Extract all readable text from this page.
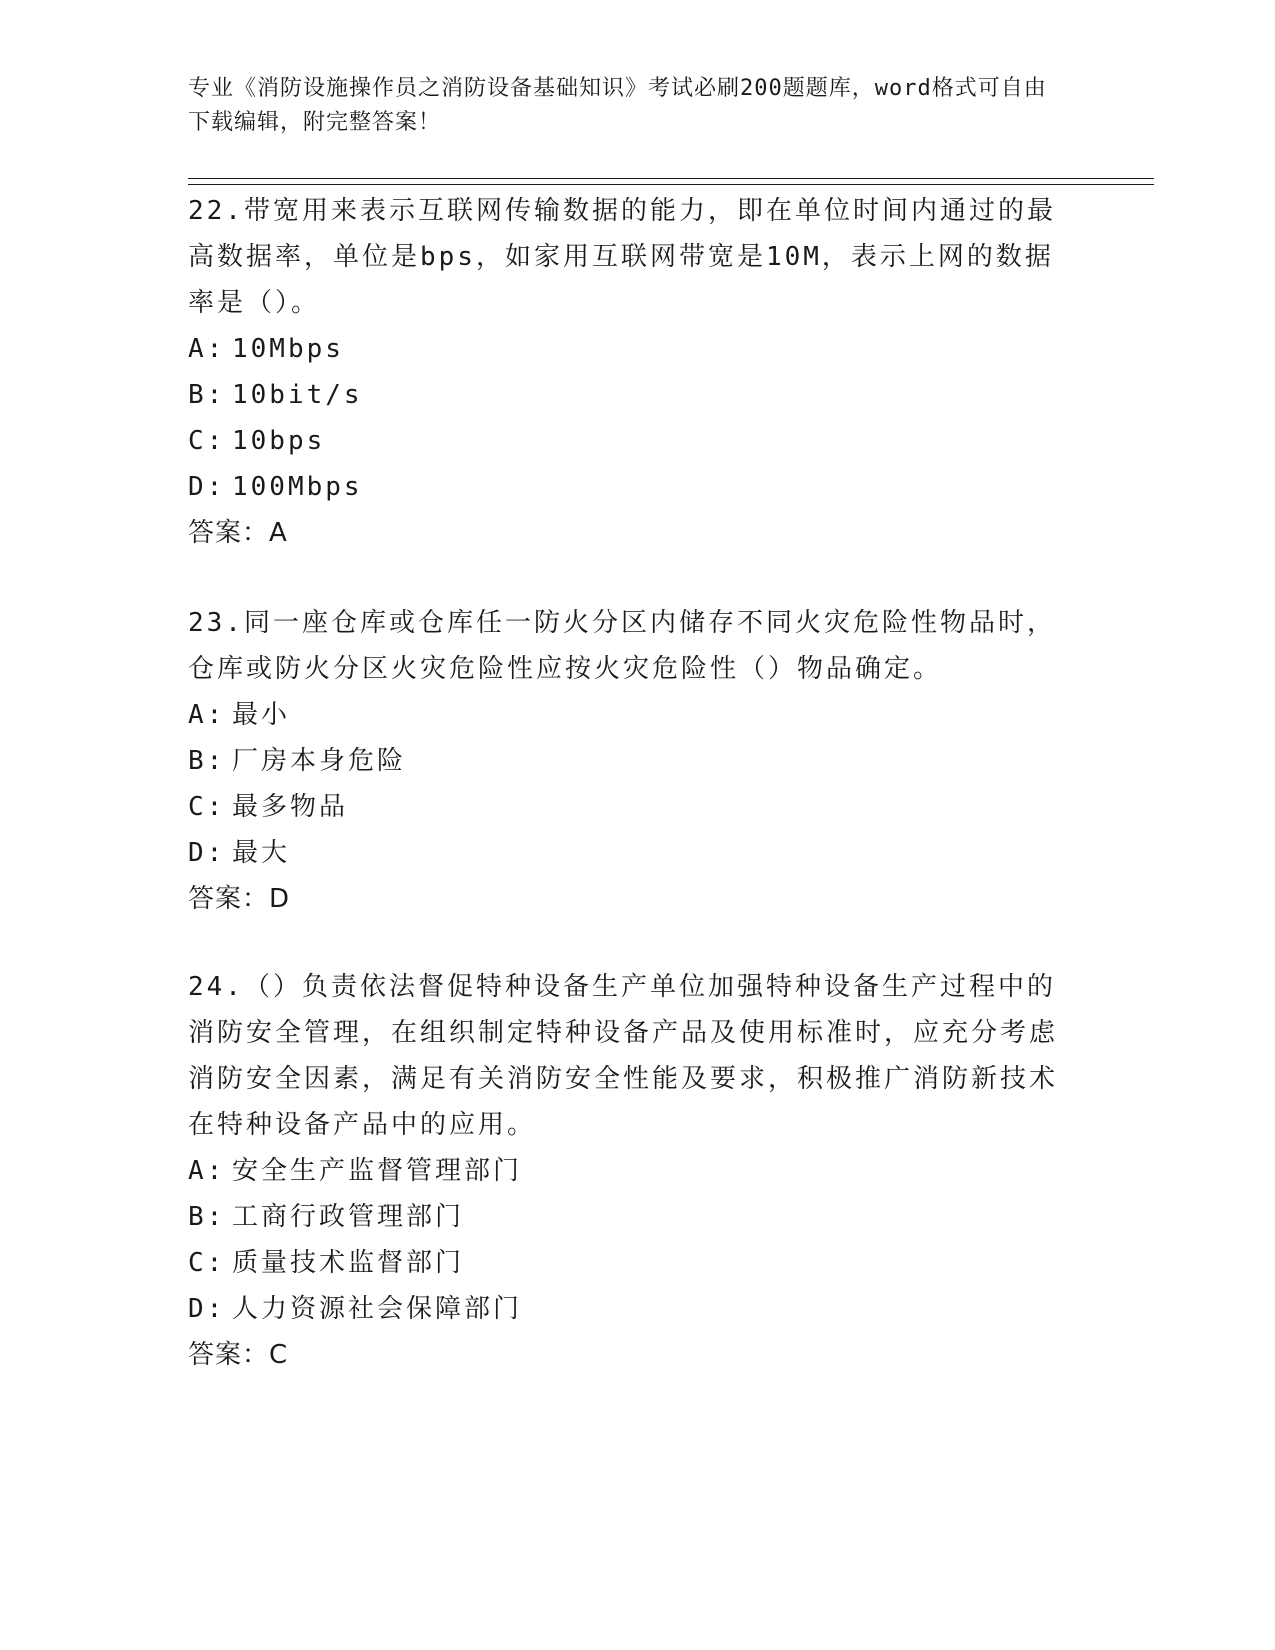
专业《消防设施操作员之消防设备基础知识》考试必刷200题题库，word格式可自由下载编辑，附完整答案！

22.带宽用来表示互联网传输数据的能力，即在单位时间内通过的最高数据率，单位是bps，如家用互联网带宽是10M，表示上网的数据率是（）。

A: 10Mbps
B: 10bit/s
C: 10bps
D: 100Mbps
答案：A

23.同一座仓库或仓库任一防火分区内储存不同火灾危险性物品时，仓库或防火分区火灾危险性应按火灾危险性（）物品确定。

A: 最小
B: 厂房本身危险
C: 最多物品
D: 最大
答案：D

24.（）负责依法督促特种设备生产单位加强特种设备生产过程中的消防安全管理，在组织制定特种设备产品及使用标准时，应充分考虑消防安全因素，满足有关消防安全性能及要求，积极推广消防新技术在特种设备产品中的应用。

A: 安全生产监督管理部门
B: 工商行政管理部门
C: 质量技术监督部门
D: 人力资源社会保障部门
答案：C
